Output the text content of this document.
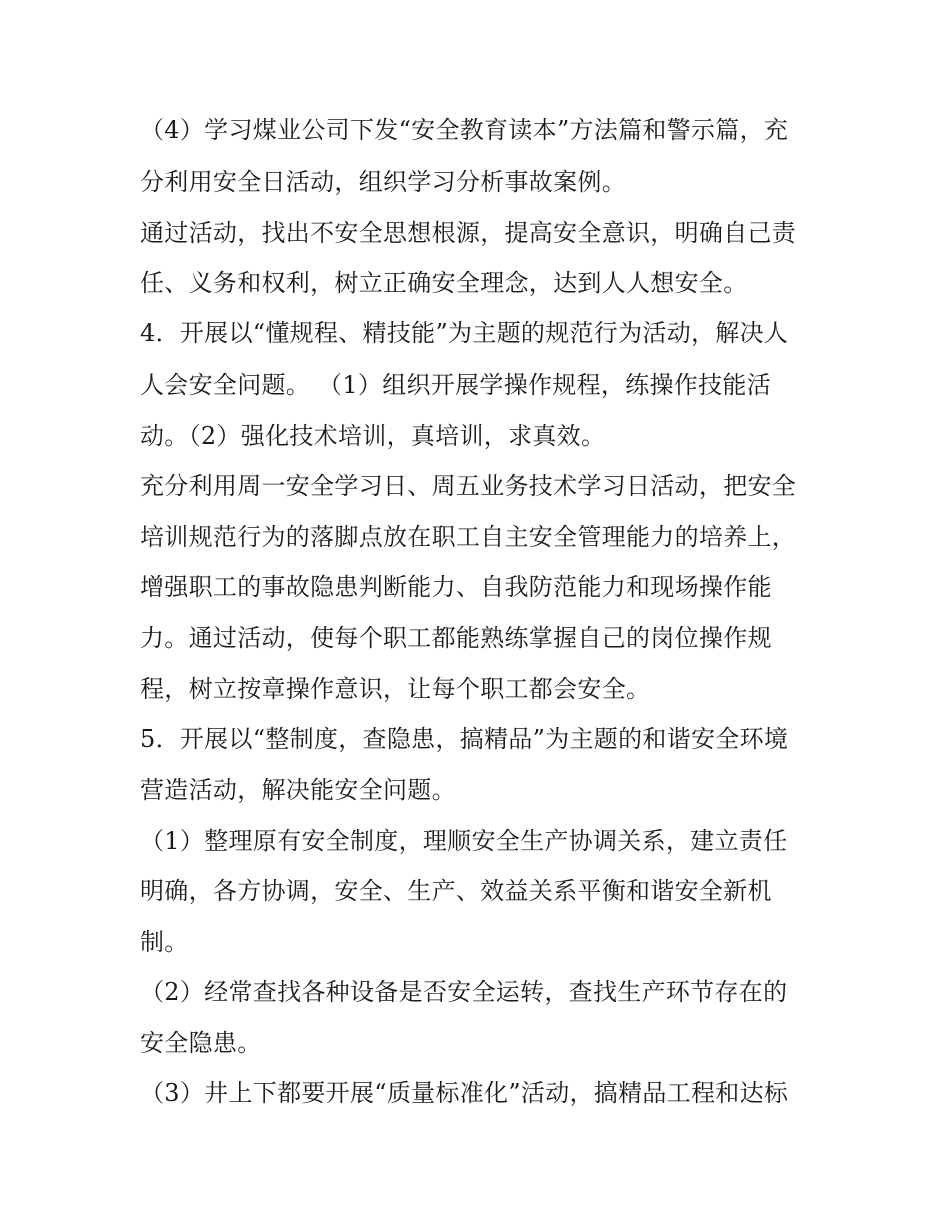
（4）学习煤业公司下发“安全教育读本”方法篇和警示篇，充
分利用安全日活动，组织学习分析事故案例。
通过活动，找出不安全思想根源，提高安全意识，明确自己责
任、义务和权利，树立正确安全理念，达到人人想安全。
4．开展以“懂规程、精技能”为主题的规范行为活动，解决人
人会安全问题。 （1）组织开展学操作规程，练操作技能活
动。（2）强化技术培训，真培训，求真效。
充分利用周一安全学习日、周五业务技术学习日活动，把安全
培训规范行为的落脚点放在职工自主安全管理能力的培养上，
增强职工的事故隐患判断能力、自我防范能力和现场操作能
力。通过活动，使每个职工都能熟练掌握自己的岗位操作规
程，树立按章操作意识，让每个职工都会安全。
5．开展以“整制度，查隐患，搞精品”为主题的和谐安全环境
营造活动，解决能安全问题。
（1）整理原有安全制度，理顺安全生产协调关系，建立责任
明确，各方协调，安全、生产、效益关系平衡和谐安全新机
制。
（2）经常查找各种设备是否安全运转，查找生产环节存在的
安全隐患。
（3）井上下都要开展“质量标准化”活动，搞精品工程和达标
